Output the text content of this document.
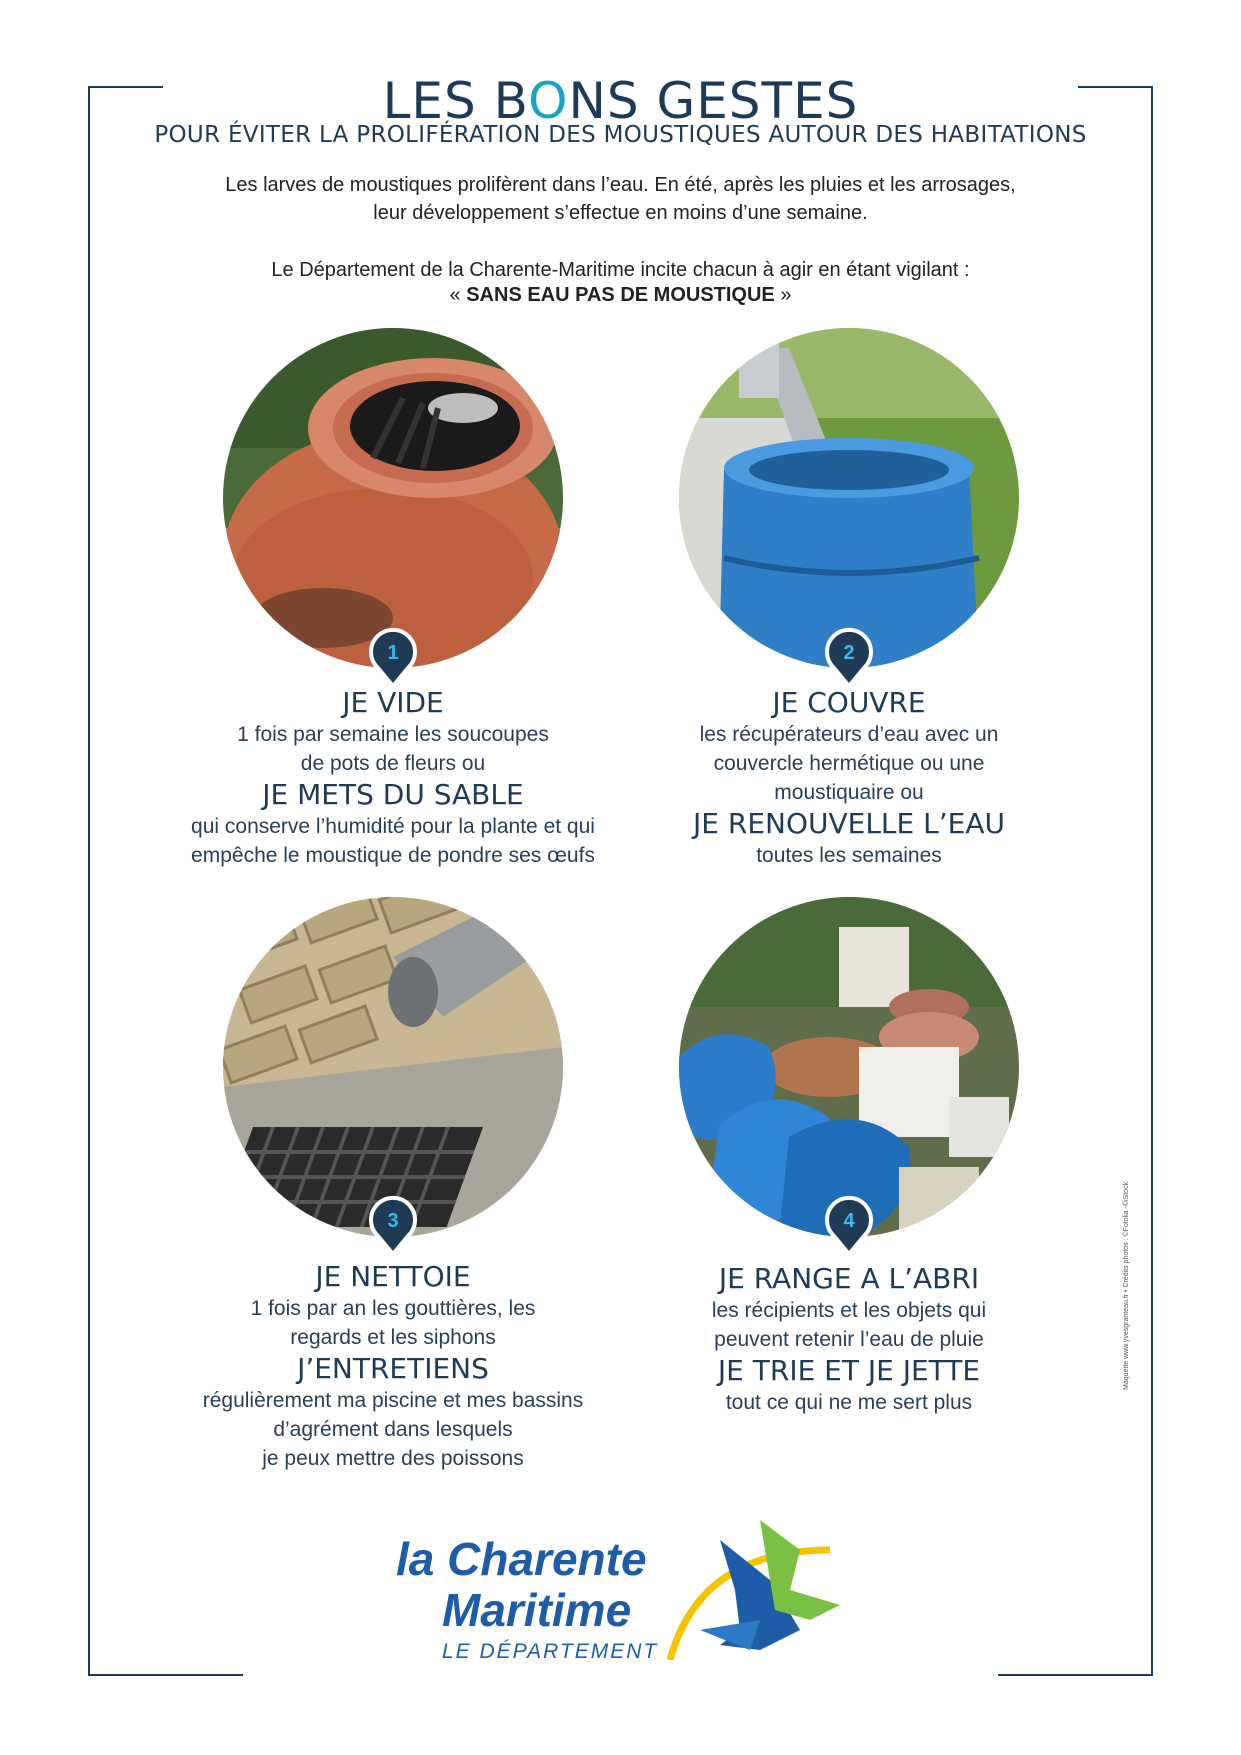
LES BONS GESTES
POUR ÉVITER LA PROLIFÉRATION DES MOUSTIQUES AUTOUR DES HABITATIONS
Les larves de moustiques prolifèrent dans l’eau. En été, après les pluies et les arrosages,
leur développement s’effectue en moins d’une semaine.
Le Département de la Charente-Maritime incite chacun à agir en étant vigilant :
« SANS EAU PAS DE MOUSTIQUE »
1	2
3	4

JE VIDE

1 fois par semaine les soucoupes

de pots de fleurs ou

JE METS DU SABLE

qui conserve l’humidité pour la plante et qui

empêche le moustique de pondre ses œufs

JE COUVRE

les récupérateurs d’eau avec un

couvercle hermétique ou une

moustiquaire ou

JE RENOUVELLE L’EAU

toutes les semaines

JE NETTOIE

1 fois par an les gouttières, les

regards et les siphons

J’ENTRETIENS

régulièrement ma piscine et mes bassins

d’agrément dans lesquels

je peux mettre des poissons

JE RANGE A L’ABRI

les récipients et les objets qui

peuvent retenir l’eau de pluie

JE TRIE ET JE JETTE

tout ce qui ne me sert plus

la Charente
Maritime
LE DÉPARTEMENT
Maquette www.yvesgranteau.fr • Crédits photos : ©Fotolia -©iStock
